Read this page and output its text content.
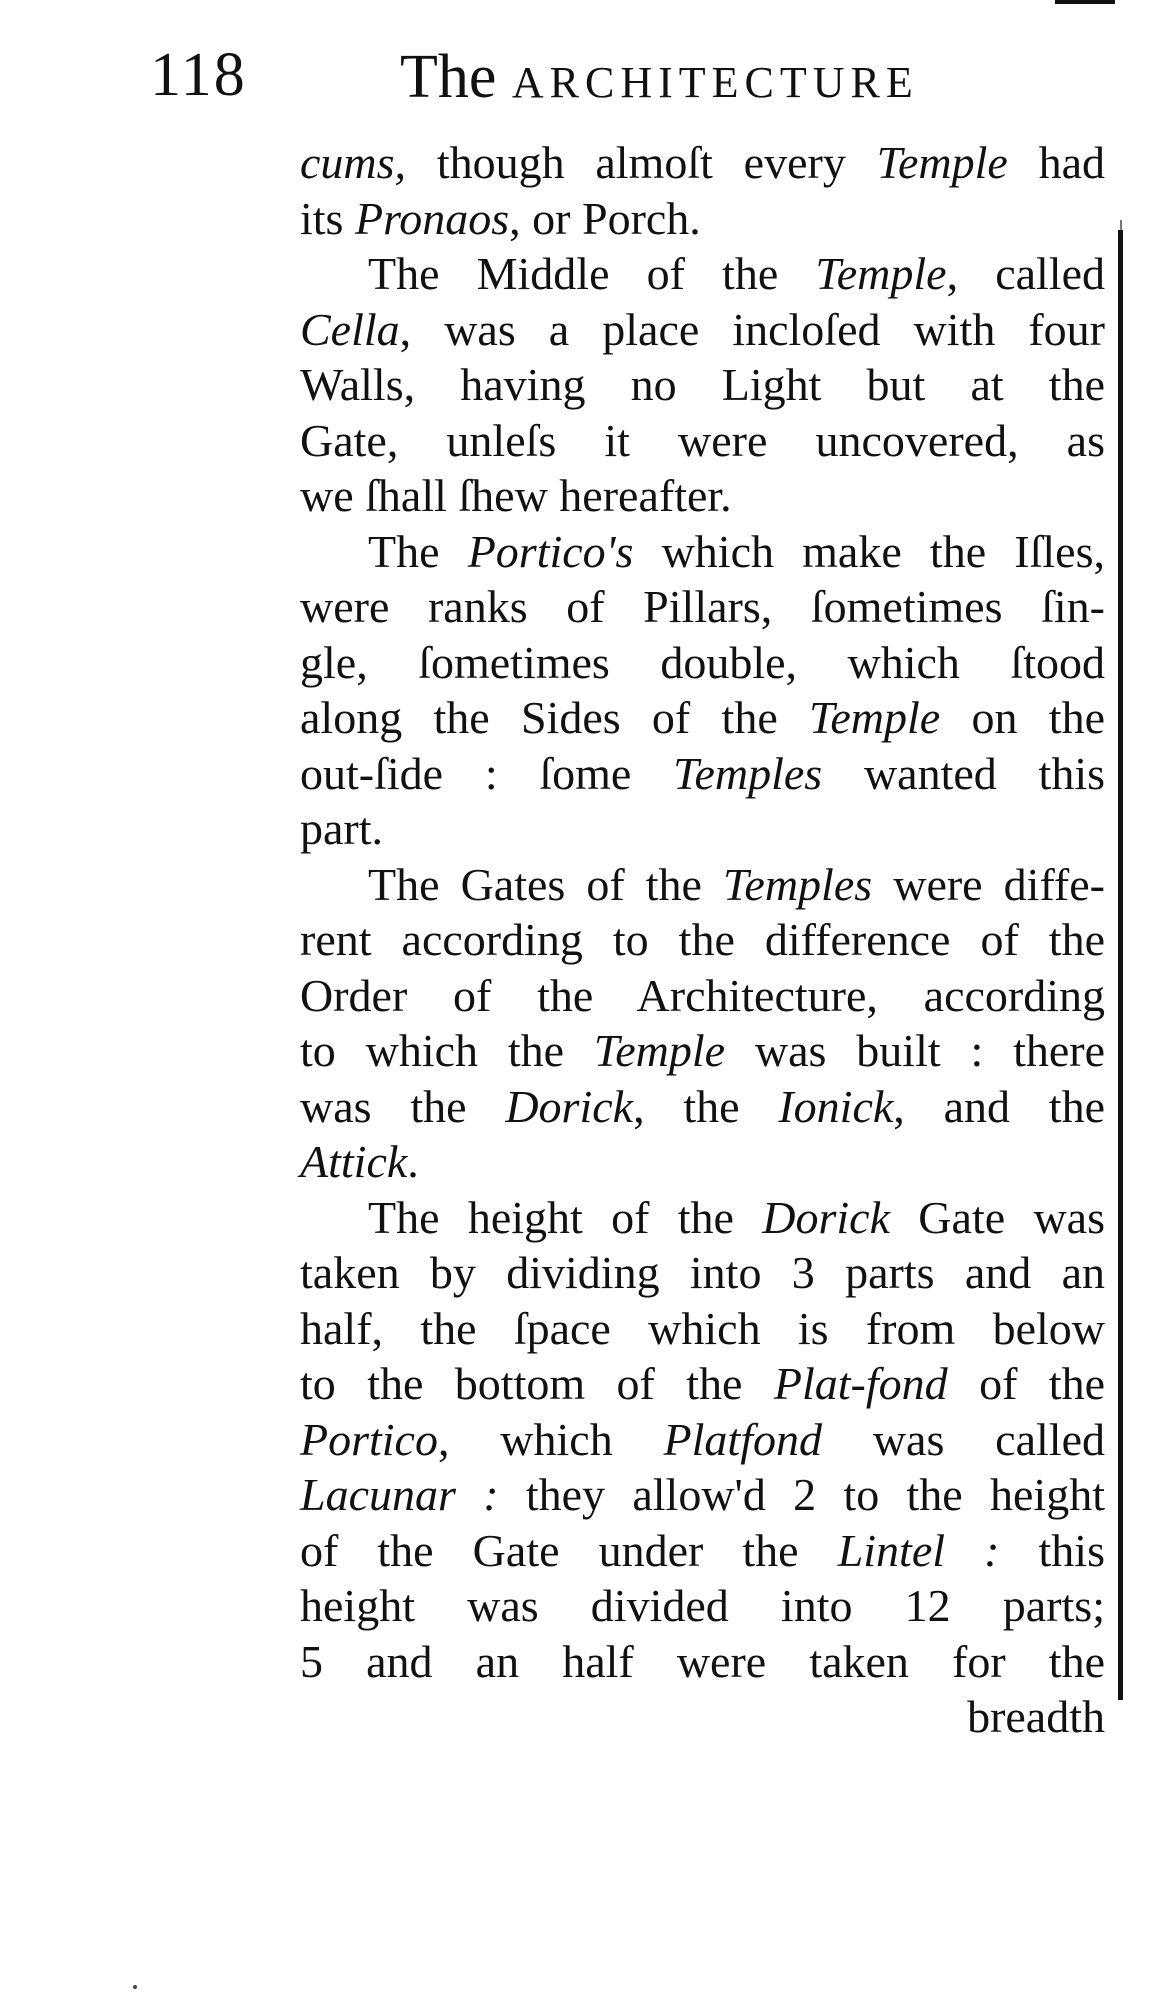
118 The ARCHITECTURE
cums, though almoſt every Temple had
its Pronaos, or Porch.
The Middle of the Temple, called
Cella, was a place incloſed with four
Walls, having no Light but at the
Gate, unleſs it were uncovered, as
we ſhall ſhew hereafter.
The Portico's which make the Iſles,
were ranks of Pillars, ſometimes ſin-
gle, ſometimes double, which ſtood
along the Sides of the Temple on the
out-ſide : ſome Temples wanted this
part.
The Gates of the Temples were diffe-
rent according to the difference of the
Order of the Architecture, according
to which the Temple was built : there
was the Dorick, the Ionick, and the
Attick.
The height of the Dorick Gate was
taken by dividing into 3 parts and an
half, the ſpace which is from below
to the bottom of the Plat-fond of the
Portico, which Platfond was called
Lacunar : they allow'd 2 to the height
of the Gate under the Lintel : this
height was divided into 12 parts;
5 and an half were taken for the
breadth
